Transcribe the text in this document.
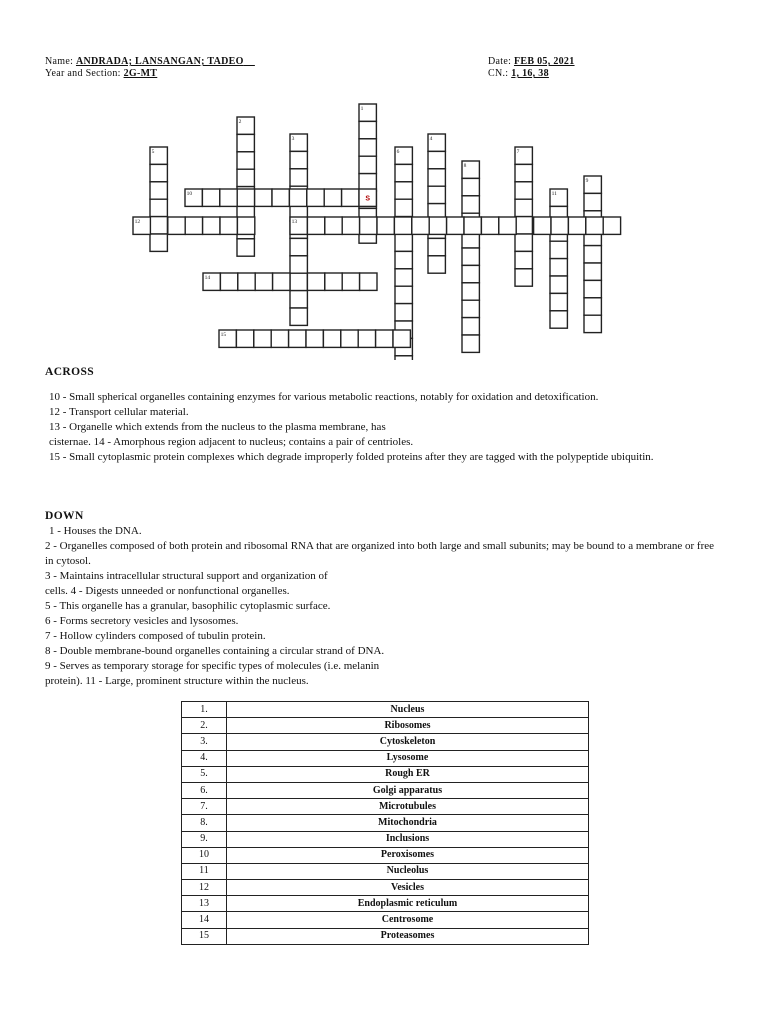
Name: ANDRADA; LANSANGAN; TADEO
Year and Section: 2G-MT
Date: FEB 05, 2021
CN.: 1, 16, 38
1
2
3	4
5	6	7
8
9
10	11
12	13
14
15
S
ACROSS

10 - Small spherical organelles containing enzymes for various metabolic reactions, notably for oxidation and detoxification.

12 - Transport cellular material.

13 - Organelle which extends from the nucleus to the plasma membrane, has

cisternae. 14 - Amorphous region adjacent to nucleus; contains a pair of centrioles.

15 - Small cytoplasmic protein complexes which degrade improperly folded proteins after they are tagged with the polypeptide ubiquitin.

DOWN

1 - Houses the DNA.

2 - Organelles composed of both protein and ribosomal RNA that are organized into both large and small subunits; may be bound to a membrane or free in cytosol.

3 - Maintains intracellular structural support and organization of

cells. 4 - Digests unneeded or nonfunctional organelles.

5 - This organelle has a granular, basophilic cytoplasmic surface.

6 - Forms secretory vesicles and lysosomes.

7 - Hollow cylinders composed of tubulin protein.

8 - Double membrane-bound organelles containing a circular strand of DNA.

9 - Serves as temporary storage for specific types of molecules (i.e. melanin

protein). 11 - Large, prominent structure within the nucleus.

1.	Nucleus
2.	Ribosomes
3.	Cytoskeleton
4.	Lysosome
5.	Rough ER
6.	Golgi apparatus
7.	Microtubules
8.	Mitochondria
9.	Inclusions
10	Peroxisomes
11	Nucleolus
12	Vesicles
13	Endoplasmic reticulum
14	Centrosome
15	Proteasomes
